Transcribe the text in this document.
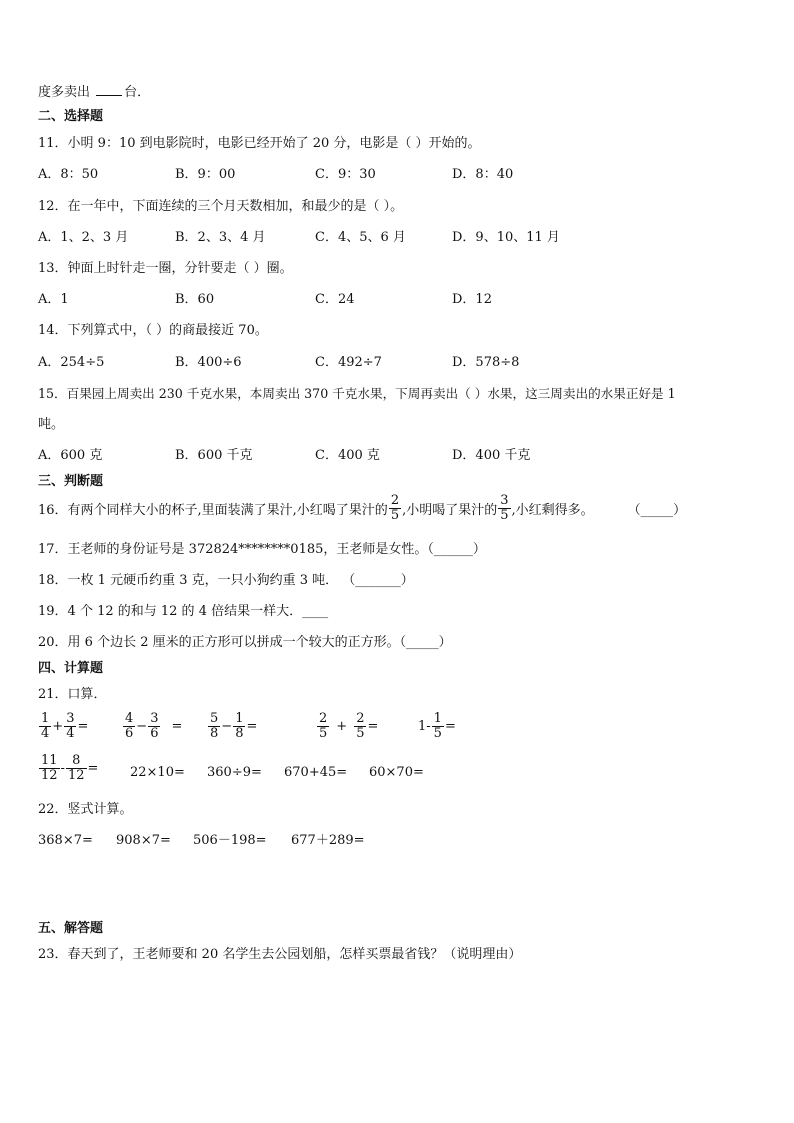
度多卖出	台．
二、选择题
11．小明 9：10 到电影院时，电影已经开始了 20 分，电影是（ ）开始的。
A．8：50	B．9：00	C．9：30	D．8：40
12．在一年中，下面连续的三个月天数相加，和最少的是（ ）。
A．1、2、3 月	B．2、3、4 月	C．4、5、6 月	D．9、10、11 月
13．钟面上时针走一圈，分针要走（ ）圈。
A．1	B．60	C．24	D．12
14．下列算式中，（ ）的商最接近 70。
A．254÷5	B．400÷6	C．492÷7	D．578÷8
15．百果园上周卖出 230 千克水果，本周卖出 370 千克水果，下周再卖出（ ）水果，这三周卖出的水果正好是 1
吨。
A．600 克	B．600 千克	C．400 克	D．400 千克
三、判断题
16．有两个同样大小的杯子,里面装满了果汁,小红喝了果汁的 $\frac{2}{5}$ ,小明喝了果汁的 $\frac{3}{5}$ ,小红剩得多。	（_____）
17．王老师的身份证号是 372824********0185，王老师是女性。（______）
18．一枚 1 元硬币约重 3 克，一只小狗约重 3 吨． （_______）
19．4 个 12 的和与 12 的 4 倍结果一样大．____
20．用 6 个边长 2 厘米的正方形可以拼成一个较大的正方形。（_____）
四、计算题
21．口算．
$\frac{1}{4} + \frac{3}{4}$ =	$\frac{4}{6} - \frac{3}{6} = \frac{5}{8} - \frac{1}{8}$ =	$\frac{2}{5} + \frac{2}{5}$ =	$1- \frac{1}{5}$ =
$\frac{11}{12} - \frac{8}{12} = 22\times 10= 360\div 9= 670+45= 60\times 70=$
22．竖式计算。
368×7= 908×7= 506－198= 677＋289=
五、解答题
23．春天到了，王老师要和 20 名学生去公园划船，怎样买票最省钱？（说明理由）
